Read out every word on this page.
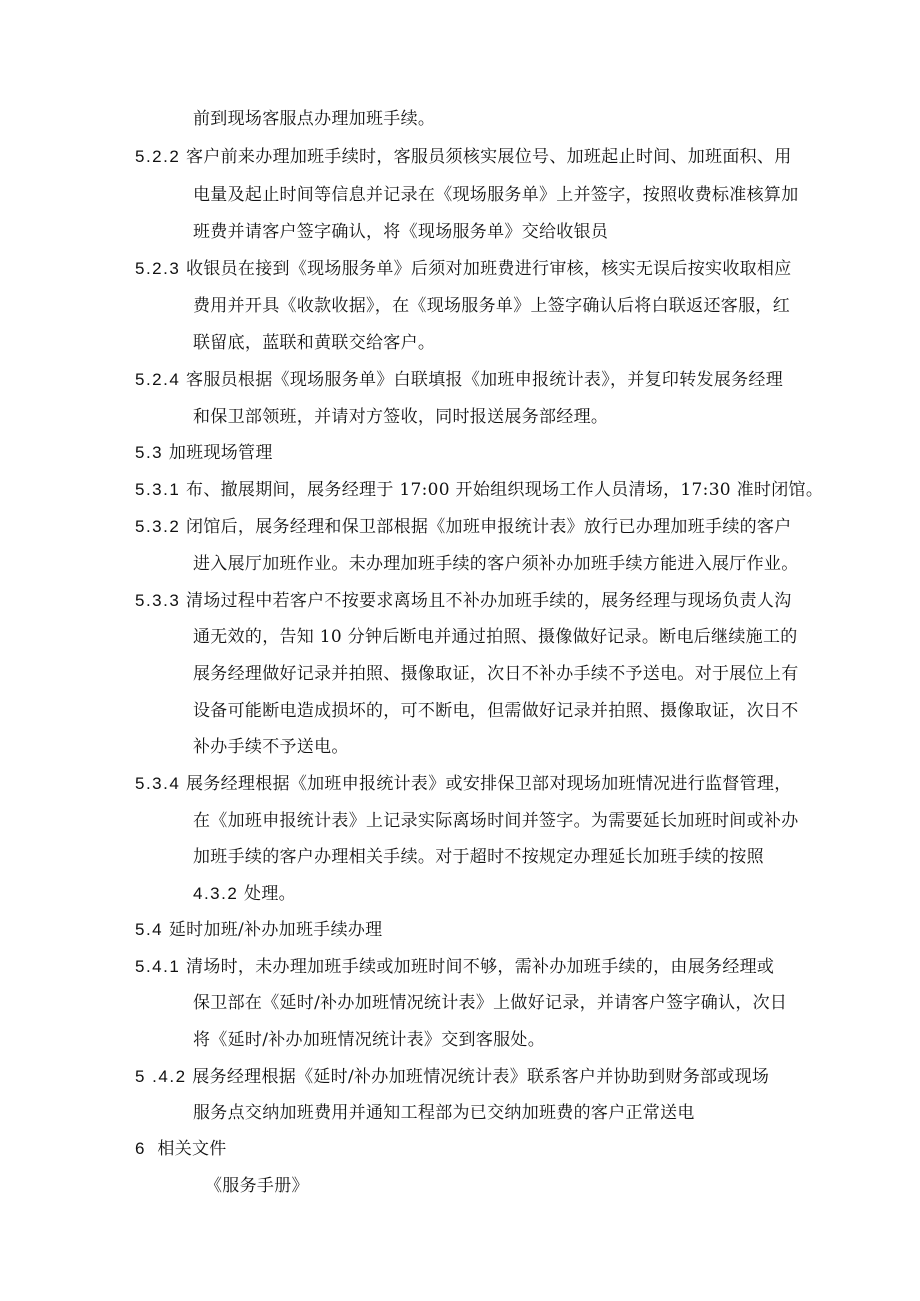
前到现场客服点办理加班手续。
5.2.2 客户前来办理加班手续时，客服员须核实展位号、加班起止时间、加班面积、用
电量及起止时间等信息并记录在《现场服务单》上并签字，按照收费标准核算加
班费并请客户签字确认，将《现场服务单》交给收银员
5.2.3 收银员在接到《现场服务单》后须对加班费进行审核，核实无误后按实收取相应
费用并开具《收款收据》，在《现场服务单》上签字确认后将白联返还客服，红
联留底，蓝联和黄联交给客户。
5.2.4 客服员根据《现场服务单》白联填报《加班申报统计表》，并复印转发展务经理
和保卫部领班，并请对方签收，同时报送展务部经理。
5.3 加班现场管理
5.3.1 布、撤展期间，展务经理于 17:00 开始组织现场工作人员清场，17:30 准时闭馆。
5.3.2 闭馆后，展务经理和保卫部根据《加班申报统计表》放行已办理加班手续的客户
进入展厅加班作业。未办理加班手续的客户须补办加班手续方能进入展厅作业。
5.3.3 清场过程中若客户不按要求离场且不补办加班手续的，展务经理与现场负责人沟
通无效的，告知 10 分钟后断电并通过拍照、摄像做好记录。断电后继续施工的
展务经理做好记录并拍照、摄像取证，次日不补办手续不予送电。对于展位上有
设备可能断电造成损坏的，可不断电，但需做好记录并拍照、摄像取证，次日不
补办手续不予送电。
5.3.4 展务经理根据《加班申报统计表》或安排保卫部对现场加班情况进行监督管理，
在《加班申报统计表》上记录实际离场时间并签字。为需要延长加班时间或补办
加班手续的客户办理相关手续。对于超时不按规定办理延长加班手续的按照
4.3.2 处理。
5.4 延时加班/补办加班手续办理
5.4.1 清场时，未办理加班手续或加班时间不够，需补办加班手续的，由展务经理或
保卫部在《延时/补办加班情况统计表》上做好记录，并请客户签字确认，次日
将《延时/补办加班情况统计表》交到客服处。
5 .4.2 展务经理根据《延时/补办加班情况统计表》联系客户并协助到财务部或现场
服务点交纳加班费用并通知工程部为已交纳加班费的客户正常送电
6 相关文件
《服务手册》
